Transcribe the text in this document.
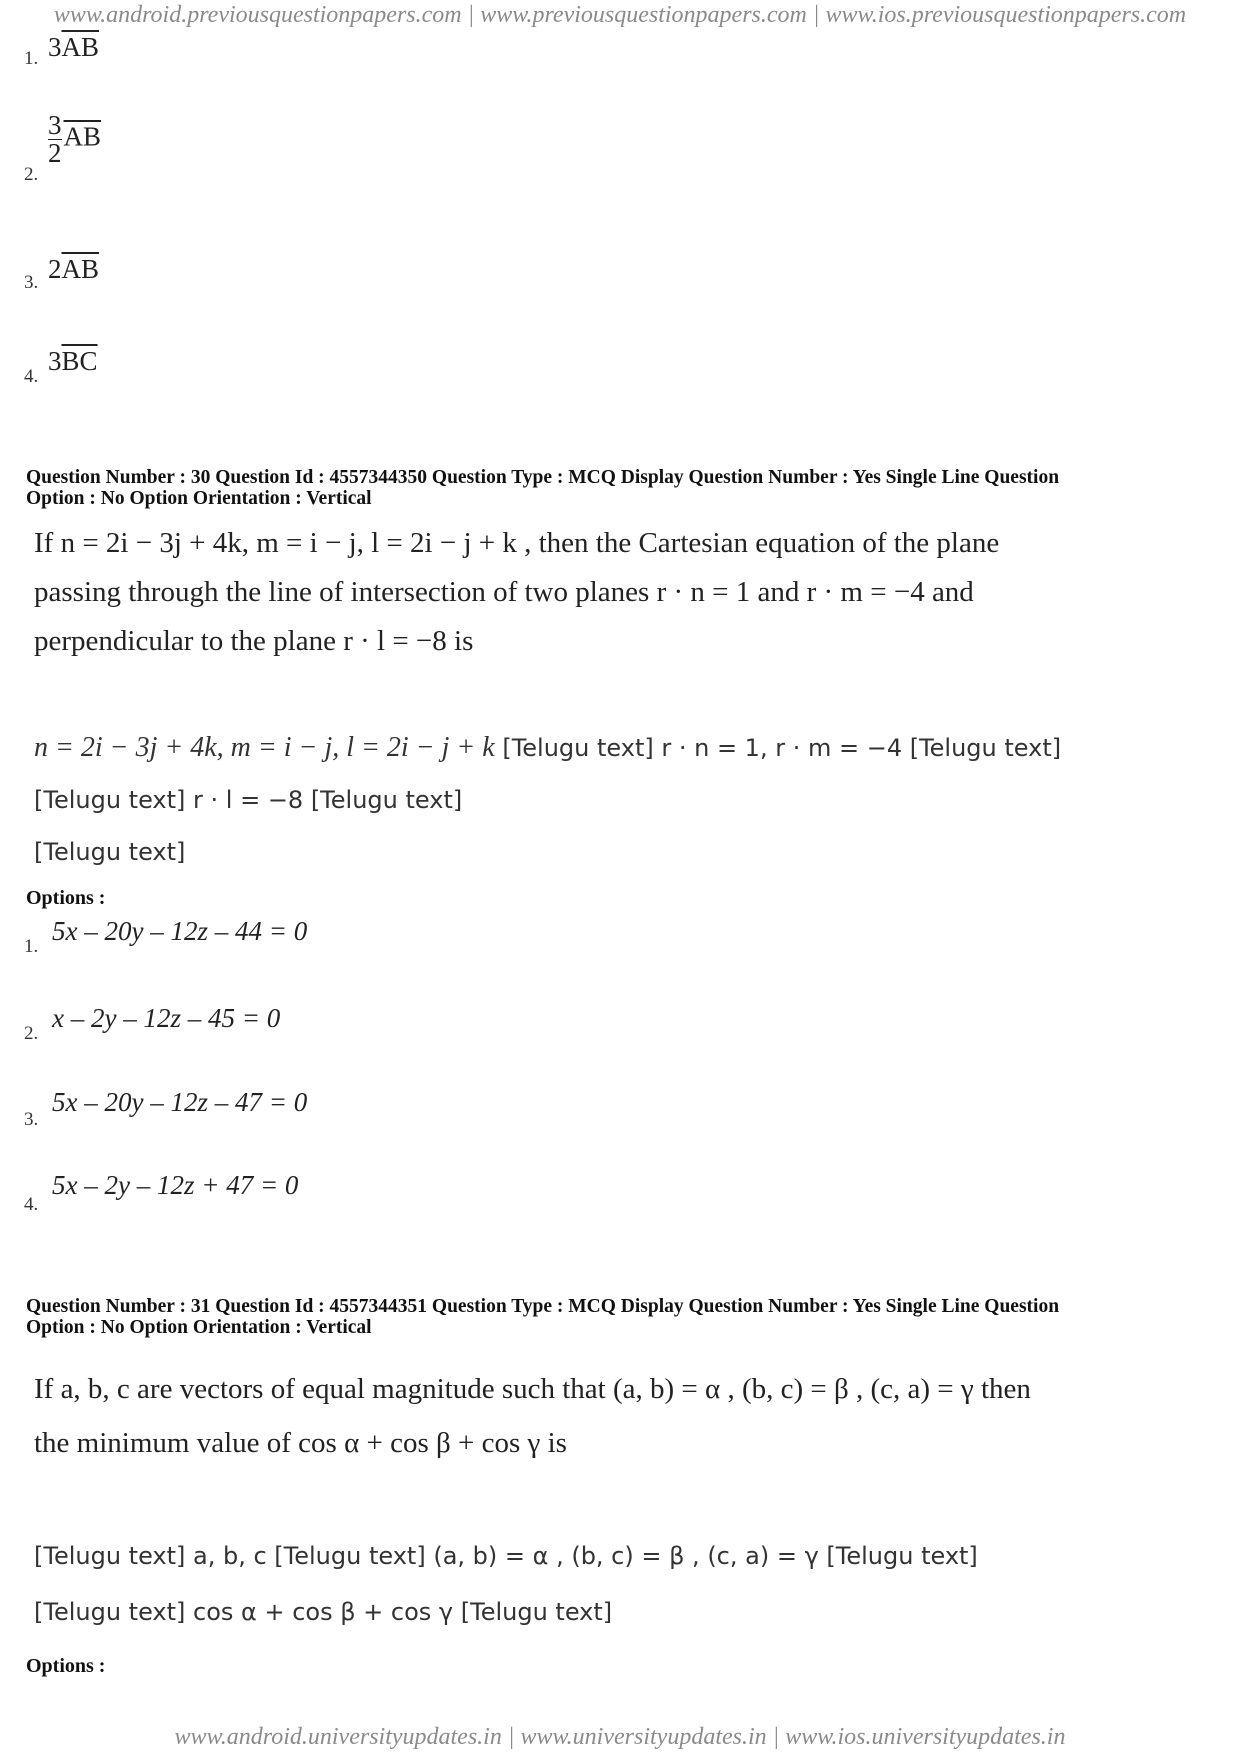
www.android.previousquestionpapers.com | www.previousquestionpapers.com | www.ios.previousquestionpapers.com
1. $3\overline{AB}$
2.
$\frac{3}{2} \overline{AB}$
3. $2\overline{AB}$
4.
$3\overline{BC}$
Question Number : 30 Question Id : 4557344350 Question Type : MCQ Display Question Number : Yes Single Line Question
Option : No Option Orientation : Vertical
If n = 2i − 3j + 4k, m = i − j, l = 2i − j + k , then the Cartesian equation of the plane
passing through the line of intersection of two planes r · n = 1 and r · m = −4 and
perpendicular to the plane r · l = −8 is
n = 2i − 3j + 4k, m = i − j, l = 2i − j + k [Telugu text] r · n = 1, r · m = −4 [Telugu text]
[Telugu text] r · l = −8 [Telugu text]
[Telugu text]
Options :
1.
5x – 20y – 12z – 44 = 0
2.
x – 2y – 12z – 45 = 0
3.
5x – 20y – 12z – 47 = 0
4.
5x – 2y – 12z + 47 = 0
Question Number : 31 Question Id : 4557344351 Question Type : MCQ Display Question Number : Yes Single Line Question
Option : No Option Orientation : Vertical
If a, b, c are vectors of equal magnitude such that (a, b) = α , (b, c) = β , (c, a) = γ then
the minimum value of cos α + cos β + cos γ is
[Telugu text] a, b, c [Telugu text] (a, b) = α , (b, c) = β , (c, a) = γ [Telugu text]
[Telugu text] cos α + cos β + cos γ [Telugu text]
Options :
www.android.universityupdates.in | www.universityupdates.in | www.ios.universityupdates.in
